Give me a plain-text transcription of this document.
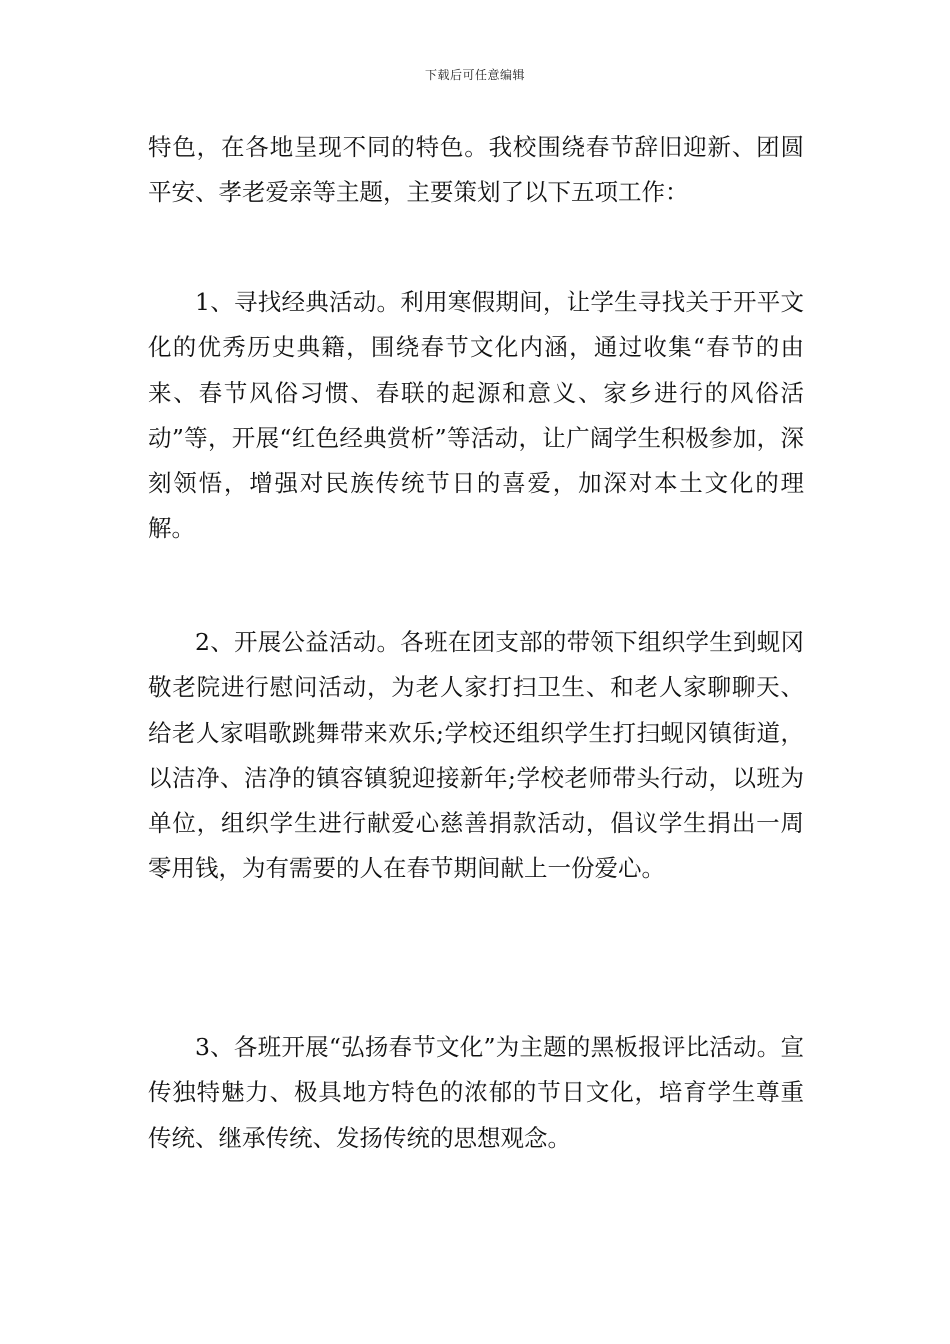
下载后可任意编辑

特色，在各地呈现不同的特色。我校围绕春节辞旧迎新、团圆平安、孝老爱亲等主题，主要策划了以下五项工作：

1、寻找经典活动。利用寒假期间，让学生寻找关于开平文化的优秀历史典籍，围绕春节文化内涵，通过收集“春节的由来、春节风俗习惯、春联的起源和意义、家乡进行的风俗活动”等，开展“红色经典赏析”等活动，让广阔学生积极参加，深刻领悟，增强对民族传统节日的喜爱，加深对本土文化的理解。

2、开展公益活动。各班在团支部的带领下组织学生到蚬冈敬老院进行慰问活动，为老人家打扫卫生、和老人家聊聊天、给老人家唱歌跳舞带来欢乐;学校还组织学生打扫蚬冈镇街道，以洁净、洁净的镇容镇貌迎接新年;学校老师带头行动，以班为单位，组织学生进行献爱心慈善捐款活动，倡议学生捐出一周零用钱，为有需要的人在春节期间献上一份爱心。

3、各班开展“弘扬春节文化”为主题的黑板报评比活动。宣传独特魅力、极具地方特色的浓郁的节日文化，培育学生尊重传统、继承传统、发扬传统的思想观念。
